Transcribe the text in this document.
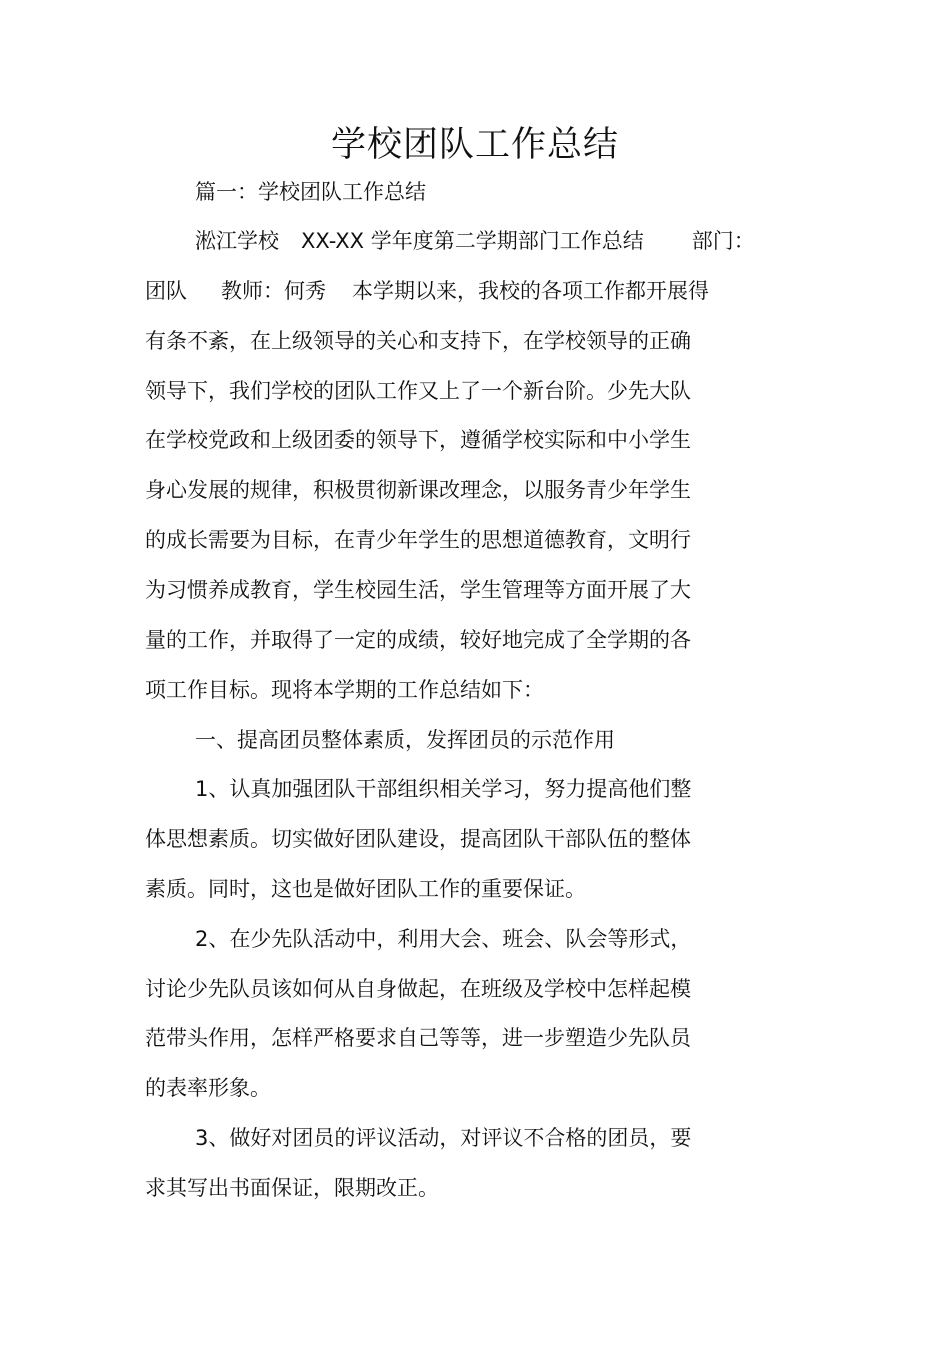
学校团队工作总结
篇一：学校团队工作总结
淞江学校 XX-XX 学年度第二学期部门工作总结 部门：
团队 教师：何秀 本学期以来，我校的各项工作都开展得
有条不紊，在上级领导的关心和支持下，在学校领导的正确
领导下，我们学校的团队工作又上了一个新台阶。少先大队
在学校党政和上级团委的领导下，遵循学校实际和中小学生
身心发展的规律，积极贯彻新课改理念，以服务青少年学生
的成长需要为目标，在青少年学生的思想道德教育，文明行
为习惯养成教育，学生校园生活，学生管理等方面开展了大
量的工作，并取得了一定的成绩，较好地完成了全学期的各
项工作目标。现将本学期的工作总结如下：
一、提高团员整体素质，发挥团员的示范作用
1、认真加强团队干部组织相关学习，努力提高他们整
体思想素质。切实做好团队建设，提高团队干部队伍的整体
素质。同时，这也是做好团队工作的重要保证。
2、在少先队活动中，利用大会、班会、队会等形式，
讨论少先队员该如何从自身做起，在班级及学校中怎样起模
范带头作用，怎样严格要求自己等等，进一步塑造少先队员
的表率形象。
3、做好对团员的评议活动，对评议不合格的团员，要
求其写出书面保证，限期改正。
